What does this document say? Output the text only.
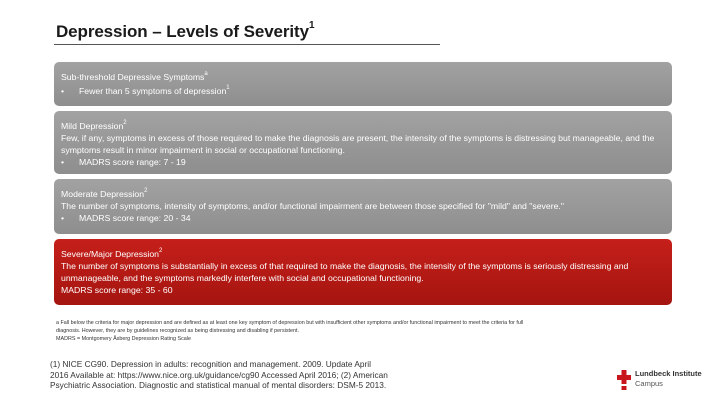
Depression – Levels of Severity$^1$
Sub-threshold Depressive Symptoms$^a$
• Fewer than 5 symptoms of depression$^1$
Mild Depression$^2$
Few, if any, symptoms in excess of those required to make the diagnosis are present, the intensity of the symptoms is distressing but manageable, and the symptoms result in minor impairment in social or occupational functioning.
• MADRS score range: 7 - 19
Moderate Depression$^2$
The number of symptoms, intensity of symptoms, and/or functional impairment are between those specified for "mild" and "severe."
• MADRS score range: 20 - 34
Severe/Major Depression$^2$
The number of symptoms is substantially in excess of that required to make the diagnosis, the intensity of the symptoms is seriously distressing and unmanageable, and the symptoms markedly interfere with social and occupational functioning.
MADRS score range: 35 - 60
a Fall below the criteria for major depression and are defined as at least one key symptom of depression but with insufficient other symptoms and/or functional impairment to meet the criteria for full
diagnosis. However, they are by guidelines recognized as being distressing and disabling if persistent.
MADRS = Montgomery Åsberg Depression Rating Scale
(1) NICE CG90. Depression in adults: recognition and management. 2009. Update April 2016 Available at: https://www.nice.org.uk/guidance/cg90 Accessed April 2016; (2) American Psychiatric Association. Diagnostic and statistical manual of mental disorders: DSM-5 2013.
Lundbeck Institute
Campus
